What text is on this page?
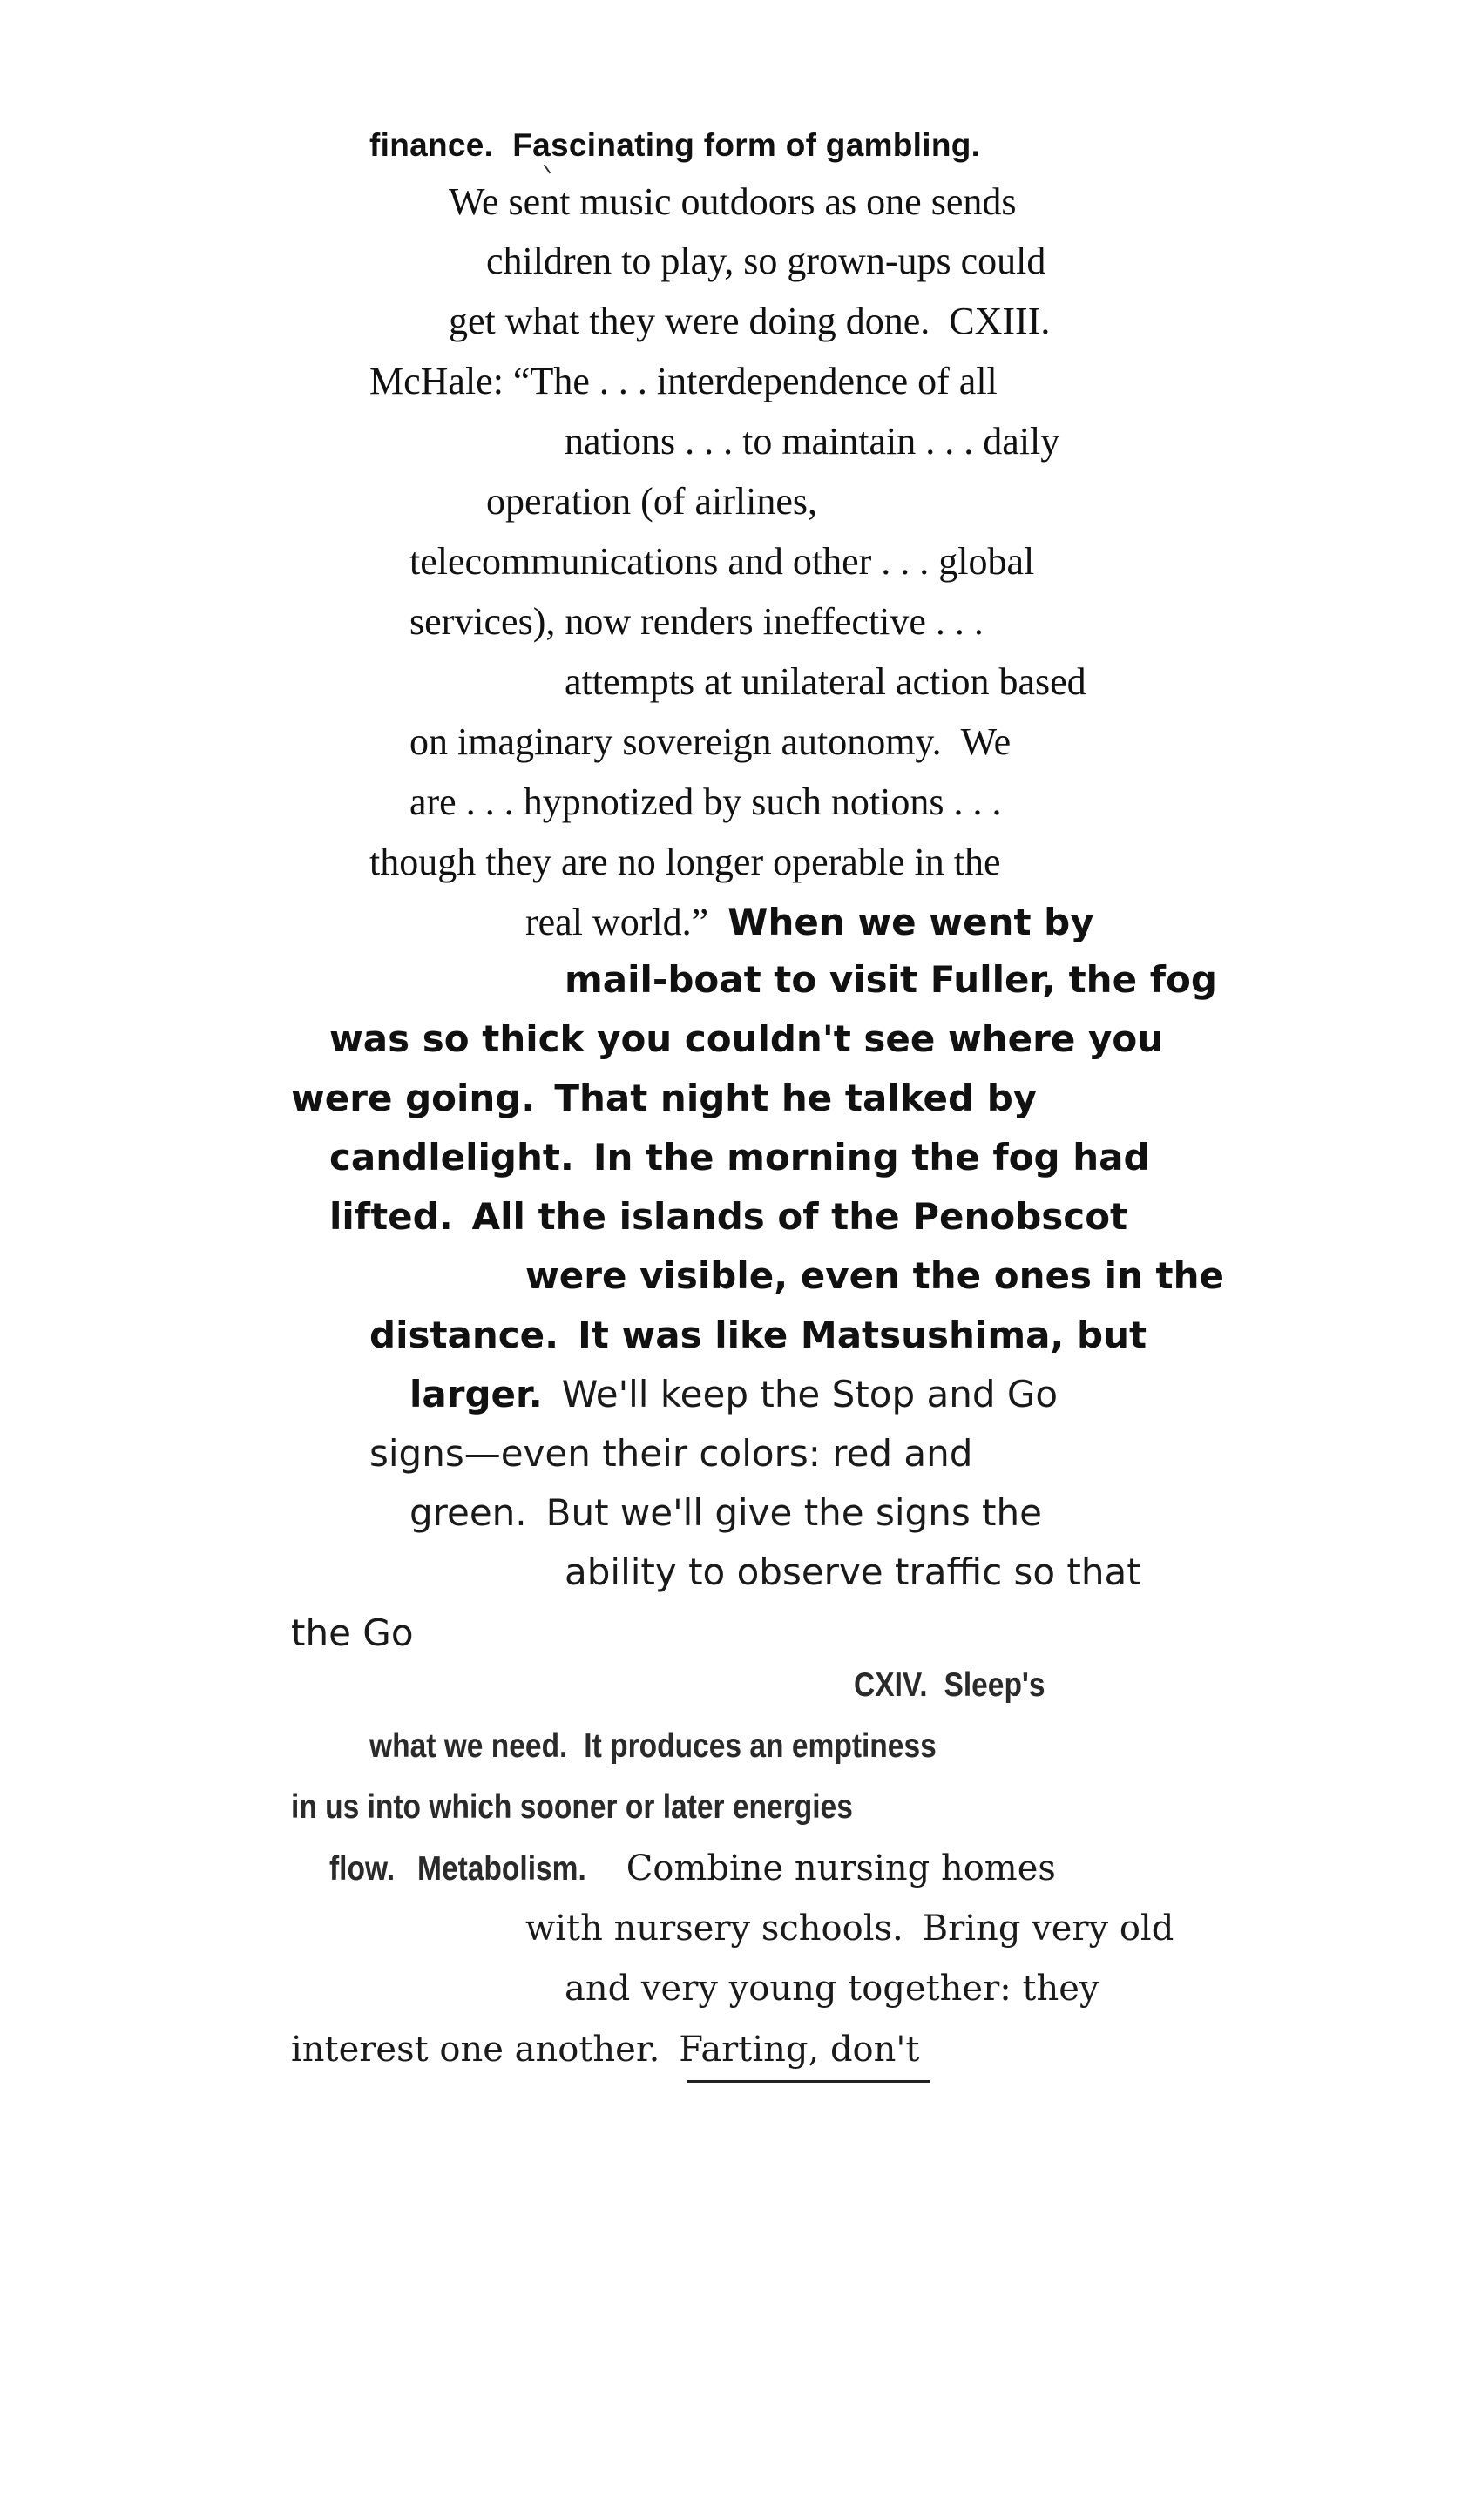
finance. Fascinating form of gambling.
We sent music outdoors as one sends
children to play, so grown-ups could
get what they were doing done. CXIII.
McHale: “The . . . interdependence of all
nations . . . to maintain . . . daily
operation (of airlines,
telecommunications and other . . . global
services), now renders ineffective . . .
attempts at unilateral action based
on imaginary sovereign autonomy. We
are . . . hypnotized by such notions . . .
though they are no longer operable in the
real world.” When we went by
mail-boat to visit Fuller, the fog
was so thick you couldn't see where you
were going. That night he talked by
candlelight. In the morning the fog had
lifted. All the islands of the Penobscot
were visible, even the ones in the
distance. It was like Matsushima, but
larger. We'll keep the Stop and Go
signs—even their colors: red and
green. But we'll give the signs the
ability to observe traffic so that
the Go
CXIV. Sleep's
what we need. It produces an emptiness
in us into which sooner or later energies
flow. Metabolism. Combine nursing homes
with nursery schools. Bring very old
and very young together: they
interest one another. Farting, don't
